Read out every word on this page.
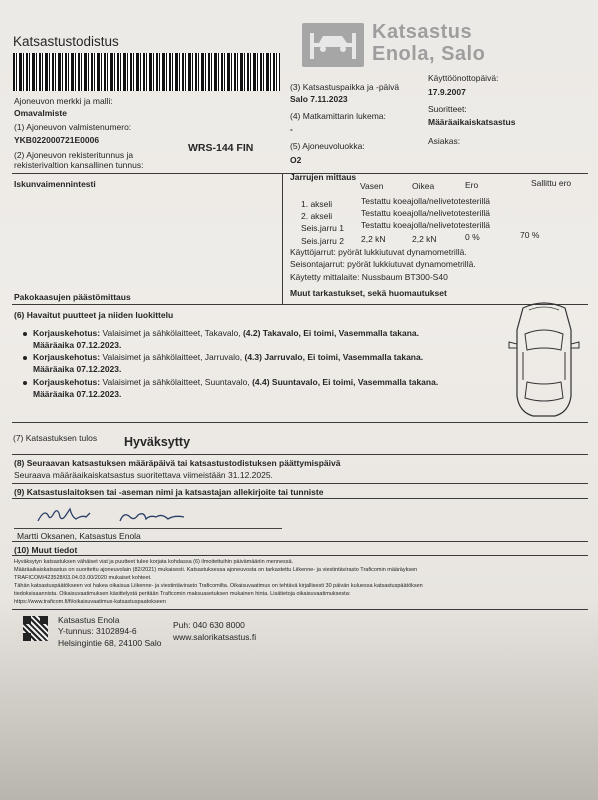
Katsastustodistus	Katsastus
Enola, Salo
Ajoneuvon merkki ja malli:
Omavalmiste
(1) Ajoneuvon valmistenumero:
YKB022000721E0006
(2) Ajoneuvon rekisteritunnus ja
rekisterivaltion kansallinen tunnus:
WRS-144 FIN
(3) Katsastuspaikka ja -päivä
Salo 7.11.2023
Käyttöönottopäivä:
17.9.2007
(4) Matkamittarin lukema:
-
Suoritteet:
Määräaikaiskatsastus
(5) Ajoneuvoluokka:
O2
Asiakas:
Iskunvaimennintesti
Pakokaasujen päästömittaus	Muut tarkastukset, sekä huomautukset
Jarrujen mittaus
Vasen	Oikea	Ero	Sallittu ero
1. akseli	Testattu koeajolla/nelivetotesterillä
2. akseli	Testattu koeajolla/nelivetotesterillä
Seis.jarru 1 Testattu koeajolla/nelivetotesterillä
Seis.jarru 2 2,2 kN	2,2 kN	0 %	70 %
Käyttöjarrut: pyörät lukkiutuvat dynamometrillä.
Seisontajarrut: pyörät lukkiutuvat dynamometrillä.
Käytetty mittalaite: Nussbaum BT300-S40
(6) Havaitut puutteet ja niiden luokittelu
Korjauskehotus: Valaisimet ja sähkölaitteet, Takavalo, (4.2) Takavalo, Ei toimi, Vasemmalla takana.
Määräaika 07.12.2023.
Korjauskehotus: Valaisimet ja sähkölaitteet, Jarruvalo, (4.3) Jarruvalo, Ei toimi, Vasemmalla takana.
Määräaika 07.12.2023.
Korjauskehotus: Valaisimet ja sähkölaitteet, Suuntavalo, (4.4) Suuntavalo, Ei toimi, Vasemmalla takana.
Määräaika 07.12.2023.
(7) Katsastuksen tulos Hyväksytty
(8) Seuraavan katsastuksen määräpäivä tai katsastustodistuksen päättymispäivä
Seuraava määräaikaiskatsastus suoritettava viimeistään 31.12.2025.
(9) Katsastuslaitoksen tai -aseman nimi ja katsastajan allekirjoite tai tunniste
Martti Oksanen, Katsastus Enola
(10) Muut tiedot
Hyväksytyn katsastuksen vähäiset viat ja puutteet tulee korjata kohdassa (6) ilmoitettuihin päivämääriin mennessä.
Määräaikaiskatsastus on suoritettu ajoneuvolain (82/2021) mukaisesti. Katsastuksessa ajoneuvosta on tarkastettu Liikenne- ja viestintävirasto Traficomin määräyksen
TRAFICOM/423528/03.04.03.00/2020 mukaiset kohteet.
Tähän katsastuspäätökseen voi hakea oikaisua Liikenne- ja viestintävirasto Traficomilta. Oikaisuvaatimus on tehtävä kirjallisesti 30 päivän kuluessa katsastuspäätöksen
tiedoksisaannista. Oikaisuvaatimuksen käsittelystä peritään Traficomin maksuasetuksen mukainen hinta. Lisätietoja oikaisuvaatimuksesta:
https://www.traficom.fi/fi/oikaisuvaatimus-katsastuspaatokseen
Katsastus Enola
Y-tunnus: 3102894-6
Helsingintie 68, 24100 Salo
Puh: 040 630 8000
www.salorikatsastus.fi
